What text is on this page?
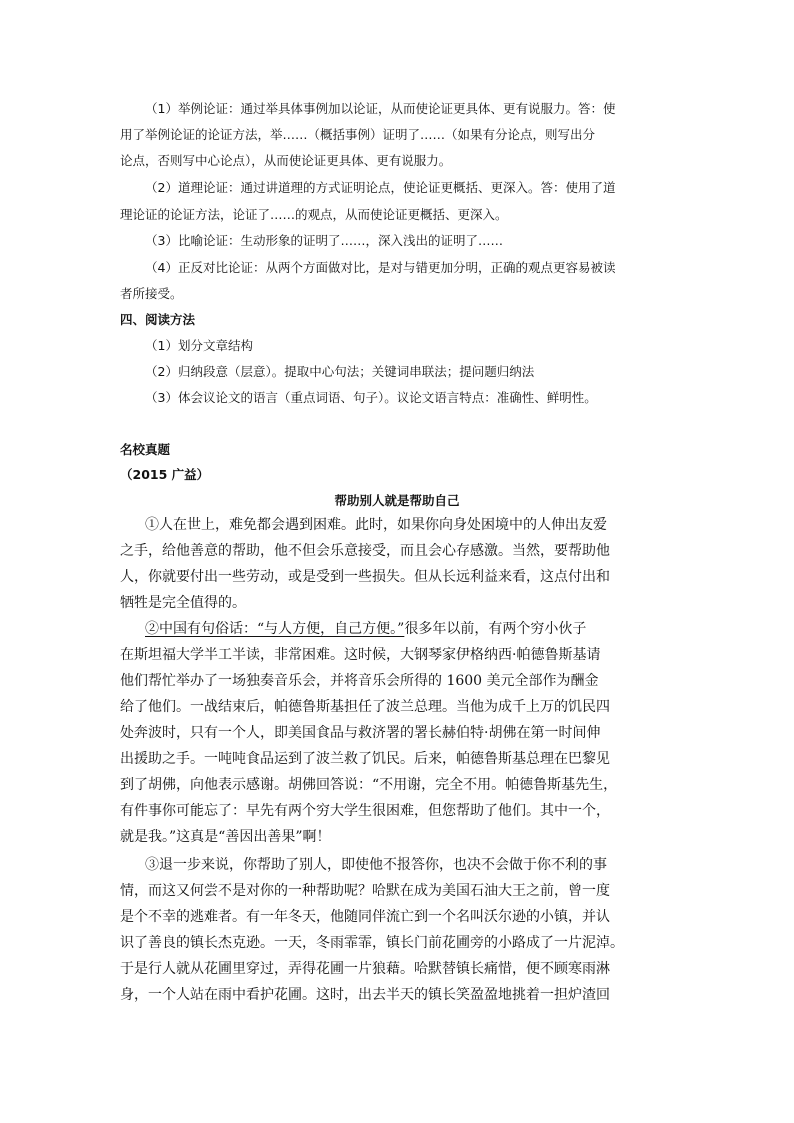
（1）举例论证：通过举具体事例加以论证，从而使论证更具体、更有说服力。答：使
用了举例论证的论证方法，举……（概括事例）证明了……（如果有分论点，则写出分
论点，否则写中心论点），从而使论证更具体、更有说服力。
（2）道理论证：通过讲道理的方式证明论点，使论证更概括、更深入。答：使用了道
理论证的论证方法，论证了……的观点，从而使论证更概括、更深入。
（3）比喻论证：生动形象的证明了……，深入浅出的证明了……
（4）正反对比论证：从两个方面做对比，是对与错更加分明，正确的观点更容易被读
者所接受。
四、阅读方法
（1）划分文章结构
（2）归纳段意（层意）。提取中心句法；关键词串联法；提问题归纳法
（3）体会议论文的语言（重点词语、句子）。议论文语言特点：准确性、鲜明性。
名校真题
（2015 广益）
帮助别人就是帮助自己
①人在世上，难免都会遇到困难。此时，如果你向身处困境中的人伸出友爱
之手，给他善意的帮助，他不但会乐意接受，而且会心存感激。当然，要帮助他
人，你就要付出一些劳动，或是受到一些损失。但从长远利益来看，这点付出和
牺牲是完全值得的。
②中国有句俗话：“与人方便，自己方便。”很多年以前，有两个穷小伙子
在斯坦福大学半工半读，非常困难。这时候，大钢琴家伊格纳西·帕德鲁斯基请
他们帮忙举办了一场独奏音乐会，并将音乐会所得的 1600 美元全部作为酬金
给了他们。一战结束后，帕德鲁斯基担任了波兰总理。当他为成千上万的饥民四
处奔波时，只有一个人，即美国食品与救济署的署长赫伯特·胡佛在第一时间伸
出援助之手。一吨吨食品运到了波兰救了饥民。后来，帕德鲁斯基总理在巴黎见
到了胡佛，向他表示感谢。胡佛回答说：“不用谢，完全不用。帕德鲁斯基先生，
有件事你可能忘了：早先有两个穷大学生很困难，但您帮助了他们。其中一个，
就是我。”这真是“善因出善果”啊！
③退一步来说，你帮助了别人，即使他不报答你，也决不会做于你不利的事
情，而这又何尝不是对你的一种帮助呢？哈默在成为美国石油大王之前，曾一度
是个不幸的逃难者。有一年冬天，他随同伴流亡到一个名叫沃尔逊的小镇，并认
识了善良的镇长杰克逊。一天，冬雨霏霏，镇长门前花圃旁的小路成了一片泥淖。
于是行人就从花圃里穿过，弄得花圃一片狼藉。哈默替镇长痛惜，便不顾寒雨淋
身，一个人站在雨中看护花圃。这时，出去半天的镇长笑盈盈地挑着一担炉渣回
